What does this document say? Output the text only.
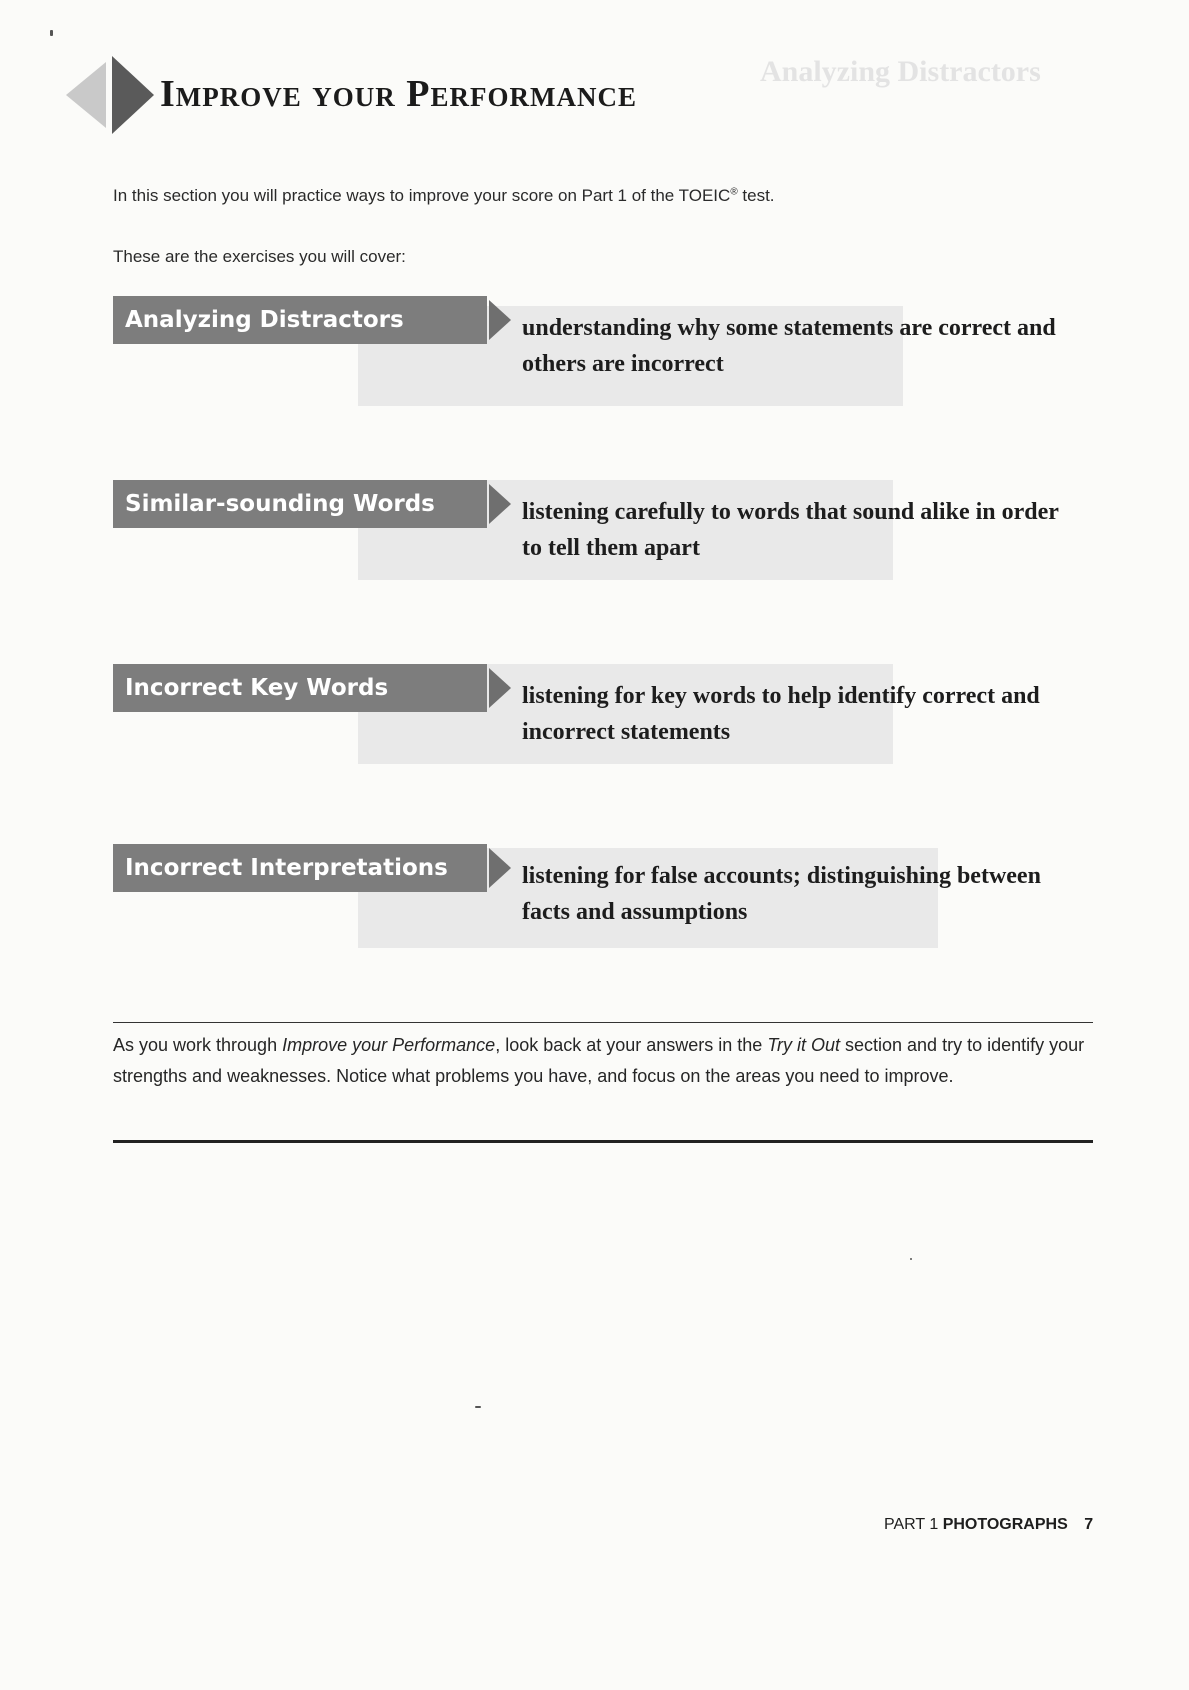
Analyzing Distractors
Improve your Performance

In this section you will practice ways to improve your score on Part 1 of the TOEIC® test.

These are the exercises you will cover:

Analyzing Distractors	understanding why some statements are correct and others are incorrect

Similar-sounding Words	listening carefully to words that sound alike in order to tell them apart

Incorrect Key Words	listening for key words to help identify correct and incorrect statements

Incorrect Interpretations	listening for false accounts; distinguishing between facts and assumptions

As you work through Improve your Performance, look back at your answers in the Try it Out section and try to identify your strengths and weaknesses. Notice what problems you have, and focus on the areas you need to improve.

PART 1 PHOTOGRAPHS 7
